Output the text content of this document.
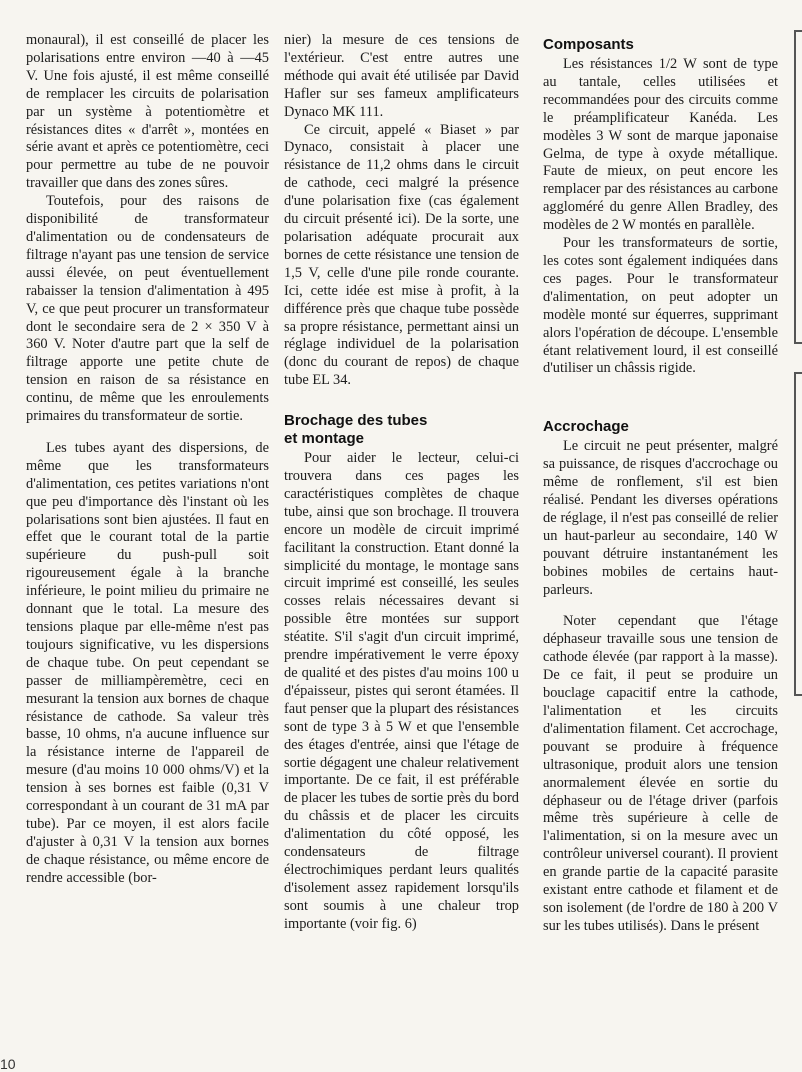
monaural), il est conseillé de placer les polarisations entre environ —40 à —45 V. Une fois ajusté, il est même conseillé de remplacer les circuits de polarisation par un système à potentiomètre et résistances dites « d'arrêt », montées en série avant et après ce potentiomètre, ceci pour permettre au tube de ne pouvoir travailler que dans des zones sûres.

Toutefois, pour des raisons de disponibilité de transformateur d'alimentation ou de condensateurs de filtrage n'ayant pas une tension de service aussi élevée, on peut éventuellement rabaisser la tension d'alimentation à 495 V, ce que peut procurer un transformateur dont le secondaire sera de 2 × 350 V à 360 V. Noter d'autre part que la self de filtrage apporte une petite chute de tension en raison de sa résistance en continu, de même que les enroulements primaires du transformateur de sortie.

Les tubes ayant des dispersions, de même que les transformateurs d'alimentation, ces petites variations n'ont que peu d'importance dès l'instant où les polarisations sont bien ajustées. Il faut en effet que le courant total de la partie supérieure du push-pull soit rigoureusement égale à la branche inférieure, le point milieu du primaire ne donnant que le total. La mesure des tensions plaque par elle-même n'est pas toujours significative, vu les dispersions de chaque tube. On peut cependant se passer de milliampèremètre, ceci en mesurant la tension aux bornes de chaque résistance de cathode. Sa valeur très basse, 10 ohms, n'a aucune influence sur la résistance interne de l'appareil de mesure (d'au moins 10 000 ohms/V) et la tension à ses bornes est faible (0,31 V correspondant à un courant de 31 mA par tube). Par ce moyen, il est alors facile d'ajuster à 0,31 V la tension aux bornes de chaque résistance, ou même encore de rendre accessible (bor-

nier) la mesure de ces tensions de l'extérieur. C'est entre autres une méthode qui avait été utilisée par David Hafler sur ses fameux amplificateurs Dynaco MK 111.

Ce circuit, appelé « Biaset » par Dynaco, consistait à placer une résistance de 11,2 ohms dans le circuit de cathode, ceci malgré la présence d'une polarisation fixe (cas également du circuit présenté ici). De la sorte, une polarisation adéquate procurait aux bornes de cette résistance une tension de 1,5 V, celle d'une pile ronde courante. Ici, cette idée est mise à profit, à la différence près que chaque tube possède sa propre résistance, permettant ainsi un réglage individuel de la polarisation (donc du courant de repos) de chaque tube EL 34.

Brochage des tubes
et montage

Pour aider le lecteur, celui-ci trouvera dans ces pages les caractéristiques complètes de chaque tube, ainsi que son brochage. Il trouvera encore un modèle de circuit imprimé facilitant la construction. Etant donné la simplicité du montage, le montage sans circuit imprimé est conseillé, les seules cosses relais nécessaires devant si possible être montées sur support stéatite. S'il s'agit d'un circuit imprimé, prendre impérativement le verre époxy de qualité et des pistes d'au moins 100 u d'épaisseur, pistes qui seront étamées. Il faut penser que la plupart des résistances sont de type 3 à 5 W et que l'ensemble des étages d'entrée, ainsi que l'étage de sortie dégagent une chaleur relativement importante. De ce fait, il est préférable de placer les tubes de sortie près du bord du châssis et de placer les circuits d'alimentation du côté opposé, les condensateurs de filtrage électrochimiques perdant leurs qualités d'isolement assez rapidement lorsqu'ils sont soumis à une chaleur trop importante (voir fig. 6)

Composants

Les résistances 1/2 W sont de type au tantale, celles utilisées et recommandées pour des circuits comme le préamplificateur Kanéda. Les modèles 3 W sont de marque japonaise Gelma, de type à oxyde métallique. Faute de mieux, on peut encore les remplacer par des résistances au carbone aggloméré du genre Allen Bradley, des modèles de 2 W montés en parallèle.

Pour les transformateurs de sortie, les cotes sont également indiquées dans ces pages. Pour le transformateur d'alimentation, on peut adopter un modèle monté sur équerres, supprimant alors l'opération de découpe. L'ensemble étant relativement lourd, il est conseillé d'utiliser un châssis rigide.

Accrochage

Le circuit ne peut présenter, malgré sa puissance, de risques d'accrochage ou même de ronflement, s'il est bien réalisé. Pendant les diverses opérations de réglage, il n'est pas conseillé de relier un haut-parleur au secondaire, 140 W pouvant détruire instantanément les bobines mobiles de certains haut-parleurs.

Noter cependant que l'étage déphaseur travaille sous une tension de cathode élevée (par rapport à la masse). De ce fait, il peut se produire un bouclage capacitif entre la cathode, l'alimentation et les circuits d'alimentation filament. Cet accrochage, pouvant se produire à fréquence ultrasonique, produit alors une tension anormalement élevée en sortie du déphaseur ou de l'étage driver (parfois même très supérieure à celle de l'alimentation, si on la mesure avec un contrôleur universel courant). Il provient en grande partie de la capacité parasite existant entre cathode et filament et de son isolement (de l'ordre de 180 à 200 V sur les tubes utilisés). Dans le présent

10
